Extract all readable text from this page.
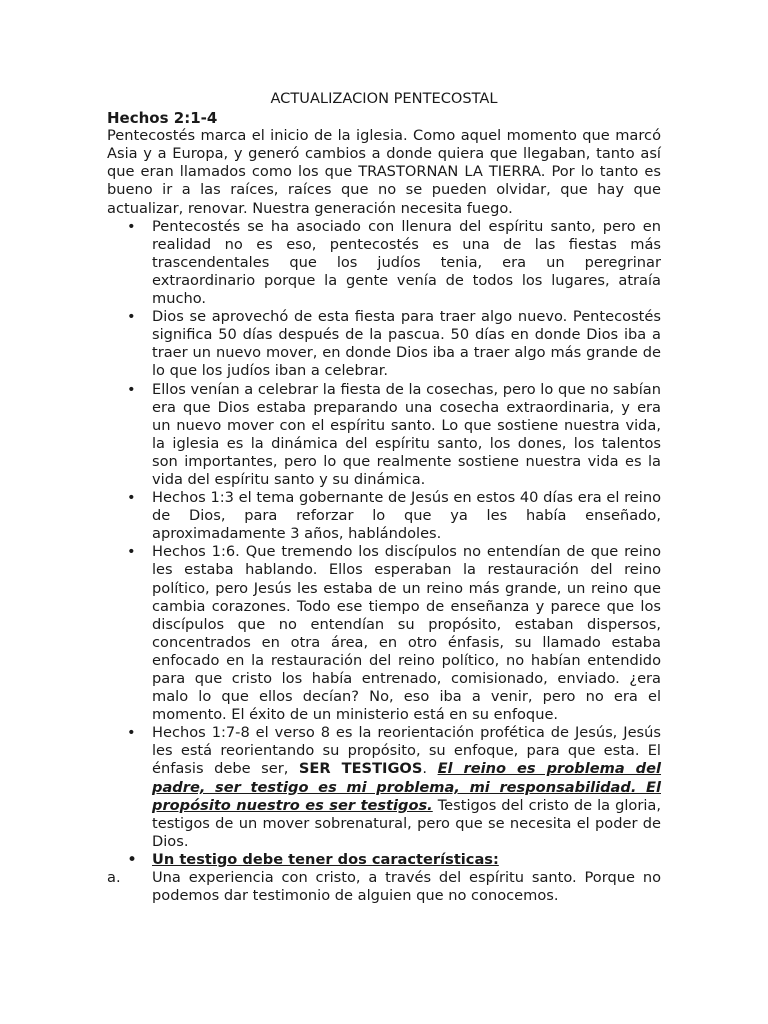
ACTUALIZACION PENTECOSTAL
Hechos 2:1-4

Pentecostés marca el inicio de la iglesia. Como aquel momento que marcó Asia y a Europa, y generó cambios a donde quiera que llegaban, tanto así que eran llamados como los que TRASTORNAN LA TIERRA. Por lo tanto es bueno ir a las raíces, raíces que no se pueden olvidar, que hay que actualizar, renovar. Nuestra generación necesita fuego.

• Pentecostés se ha asociado con llenura del espíritu santo, pero en realidad no es eso, pentecostés es una de las fiestas más trascendentales que los judíos tenia, era un peregrinar extraordinario porque la gente venía de todos los lugares, atraía mucho.
• Dios se aprovechó de esta fiesta para traer algo nuevo. Pentecostés significa 50 días después de la pascua. 50 días en donde Dios iba a traer un nuevo mover, en donde Dios iba a traer algo más grande de lo que los judíos iban a celebrar.
• Ellos venían a celebrar la fiesta de la cosechas, pero lo que no sabían era que Dios estaba preparando una cosecha extraordinaria, y era un nuevo mover con el espíritu santo. Lo que sostiene nuestra vida, la iglesia es la dinámica del espíritu santo, los dones, los talentos son importantes, pero lo que realmente sostiene nuestra vida es la vida del espíritu santo y su dinámica.
• Hechos 1:3 el tema gobernante de Jesús en estos 40 días era el reino de Dios, para reforzar lo que ya les había enseñado, aproximadamente 3 años, hablándoles.
• Hechos 1:6. Que tremendo los discípulos no entendían de que reino les estaba hablando. Ellos esperaban la restauración del reino político, pero Jesús les estaba de un reino más grande, un reino que cambia corazones. Todo ese tiempo de enseñanza y parece que los discípulos que no entendían su propósito, estaban dispersos, concentrados en otra área, en otro énfasis, su llamado estaba enfocado en la restauración del reino político, no habían entendido para que cristo los había entrenado, comisionado, enviado. ¿era malo lo que ellos decían? No, eso iba a venir, pero no era el momento. El éxito de un ministerio está en su enfoque.
• Hechos 1:7-8 el verso 8 es la reorientación profética de Jesús, Jesús les está reorientando su propósito, su enfoque, para que esta. El énfasis debe ser, SER TESTIGOS. El reino es problema del padre, ser testigo es mi problema, mi responsabilidad. El propósito nuestro es ser testigos. Testigos del cristo de la gloria, testigos de un mover sobrenatural, pero que se necesita el poder de Dios.
• Un testigo debe tener dos características:
a. Una experiencia con cristo, a través del espíritu santo. Porque no podemos dar testimonio de alguien que no conocemos.
